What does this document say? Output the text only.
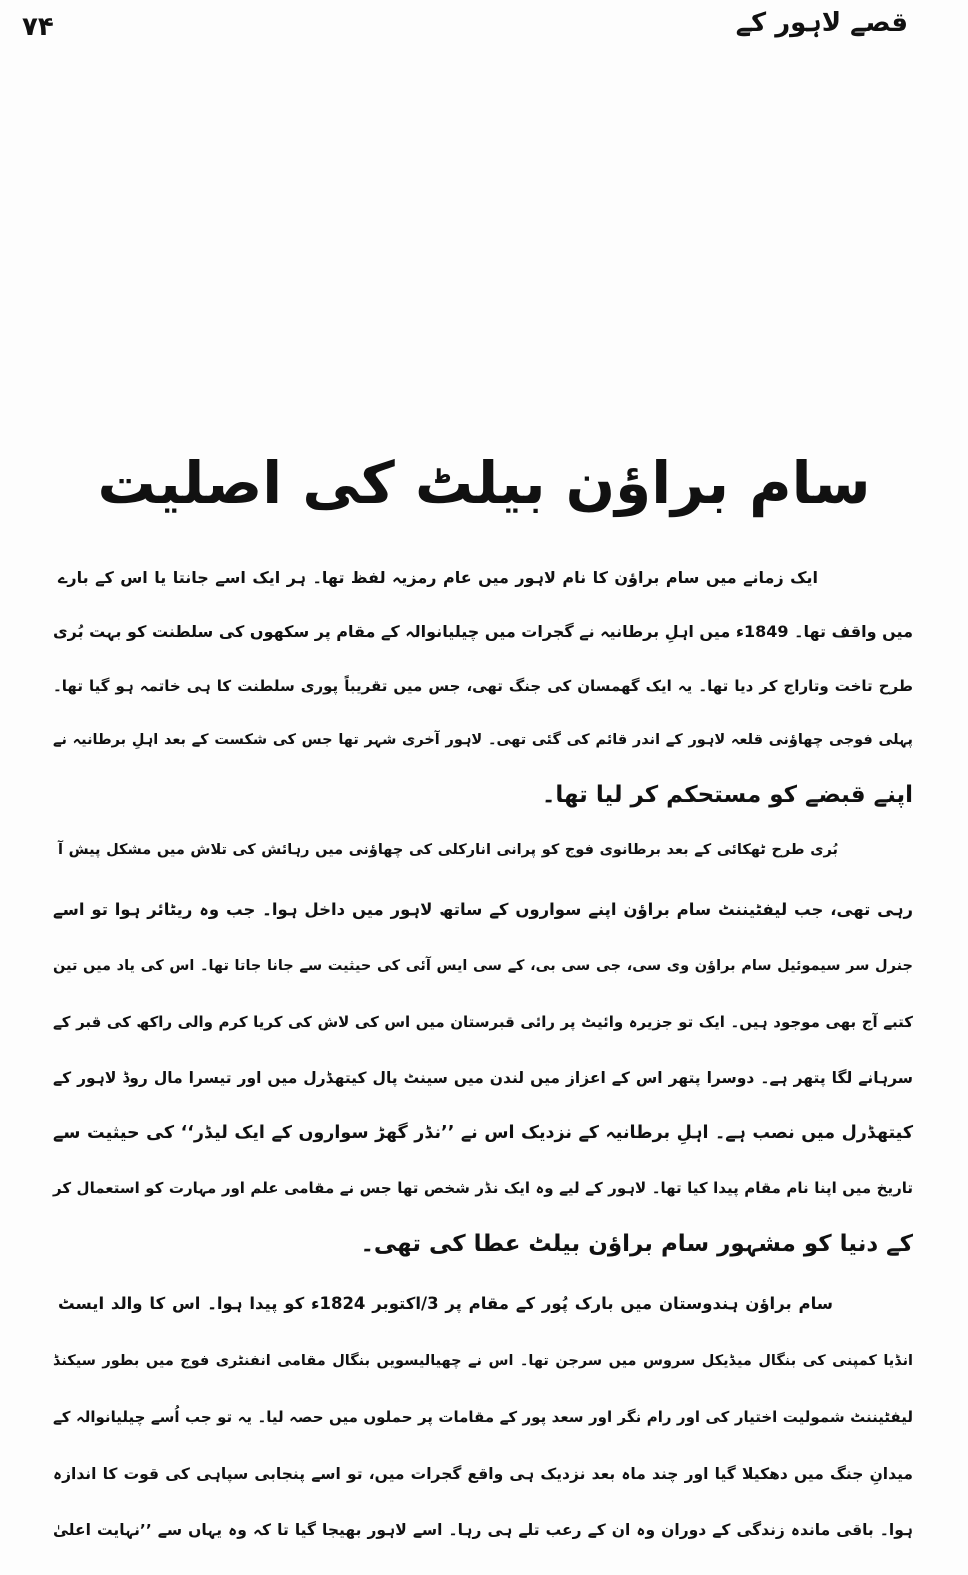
قصے لاہور کے
۷۴
سام براؤن بیلٹ کی اصلیت
ایک زمانے میں سام براؤن کا نام لاہور میں عام رمزیہ لفظ تھا۔ ہر ایک اسے جانتا یا اس کے بارے
میں واقف تھا۔ 1849ء میں اہلِ برطانیہ نے گجرات میں چیلیانوالہ کے مقام پر سکھوں کی سلطنت کو بہت بُری
طرح تاخت وتاراج کر دیا تھا۔ یہ ایک گھمسان کی جنگ تھی، جس میں تقریباً پوری سلطنت کا ہی خاتمہ ہو گیا تھا۔
پہلی فوجی چھاؤنی قلعہ لاہور کے اندر قائم کی گئی تھی۔ لاہور آخری شہر تھا جس کی شکست کے بعد اہلِ برطانیہ نے
اپنے قبضے کو مستحکم کر لیا تھا۔
بُری طرح ٹھکائی کے بعد برطانوی فوج کو پرانی انارکلی کی چھاؤنی میں رہائش کی تلاش میں مشکل پیش آ
رہی تھی، جب لیفٹیننٹ سام براؤن اپنے سواروں کے ساتھ لاہور میں داخل ہوا۔ جب وہ ریٹائر ہوا تو اسے
جنرل سر سیموئیل سام براؤن وی سی، جی سی بی، کے سی ایس آئی کی حیثیت سے جانا جاتا تھا۔ اس کی یاد میں تین
کتبے آج بھی موجود ہیں۔ ایک تو جزیرہ وائیٹ پر رائی قبرستان میں اس کی لاش کی کریا کرم والی راکھ کی قبر کے
سرہانے لگا پتھر ہے۔ دوسرا پتھر اس کے اعزاز میں لندن میں سینٹ پال کیتھڈرل میں اور تیسرا مال روڈ لاہور کے
کیتھڈرل میں نصب ہے۔ اہلِ برطانیہ کے نزدیک اس نے ’’نڈر گھڑ سواروں کے ایک لیڈر‘‘ کی حیثیت سے
تاریخ میں اپنا نام مقام پیدا کیا تھا۔ لاہور کے لیے وہ ایک نڈر شخص تھا جس نے مقامی علم اور مہارت کو استعمال کر
کے دنیا کو مشہور سام براؤن بیلٹ عطا کی تھی۔
سام براؤن ہندوستان میں بارک پُور کے مقام پر 3/اکتوبر 1824ء کو پیدا ہوا۔ اس کا والد ایسٹ
انڈیا کمپنی کی بنگال میڈیکل سروس میں سرجن تھا۔ اس نے چھیالیسویں بنگال مقامی انفنٹری فوج میں بطور سیکنڈ
لیفٹیننٹ شمولیت اختیار کی اور رام نگر اور سعد پور کے مقامات پر حملوں میں حصہ لیا۔ یہ تو جب اُسے چیلیانوالہ کے
میدانِ جنگ میں دھکیلا گیا اور چند ماہ بعد نزدیک ہی واقع گجرات میں، تو اسے پنجابی سپاہی کی قوت کا اندازہ
ہوا۔ باقی ماندہ زندگی کے دوران وہ ان کے رعب تلے ہی رہا۔ اسے لاہور بھیجا گیا تا کہ وہ یہاں سے ’’نہایت اعلیٰ
